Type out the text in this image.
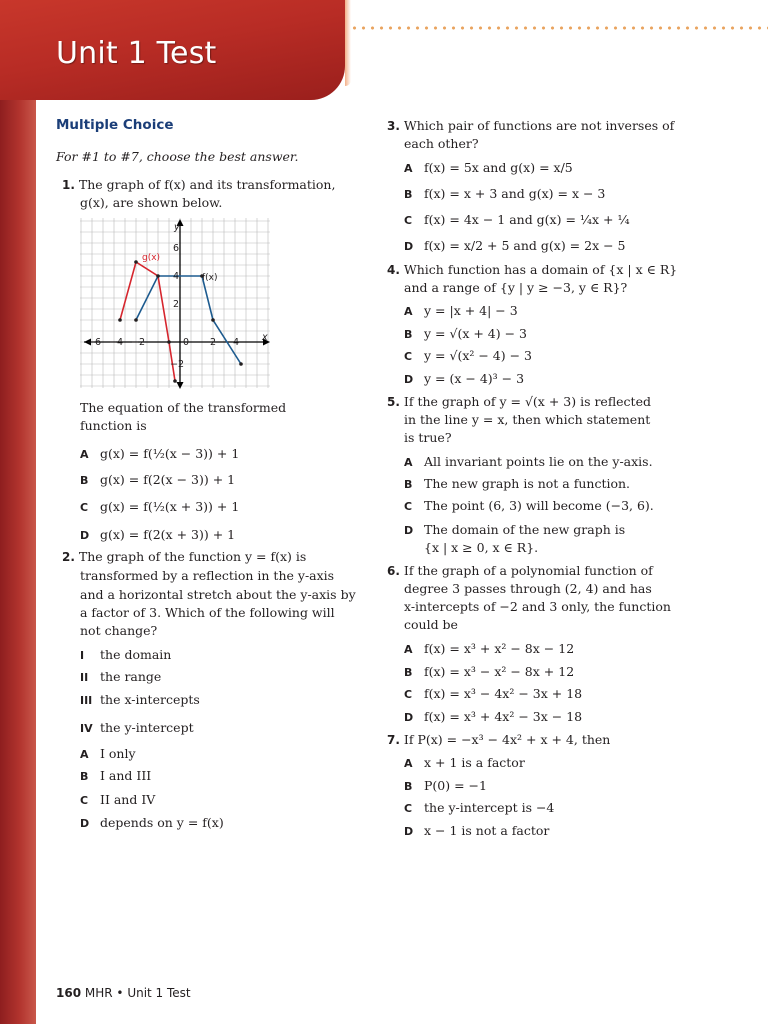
Unit 1 Test
Multiple Choice
For #1 to #7, choose the best answer.
1. The graph of f(x) and its transformation,
g(x), are shown below.
−6 −4 −2	0 2 4 x
6
4
2
−2
y
f(x)
g(x)
The equation of the transformed
function is
A g(x) = f(½(x − 3)) + 1
B g(x) = f(2(x − 3)) + 1
C g(x) = f(½(x + 3)) + 1
D g(x) = f(2(x + 3)) + 1
2. The graph of the function y = f(x) is
transformed by a reflection in the y-axis
and a horizontal stretch about the y-axis by
a factor of 3. Which of the following will
not change?
I the domain
II the range
III the x-intercepts
IV the y-intercept
A I only
B I and III
C II and IV
D depends on y = f(x)
3. Which pair of functions are not inverses of
each other?
A f(x) = 5x and g(x) = x/5
B f(x) = x + 3 and g(x) = x − 3
C f(x) = 4x − 1 and g(x) = ¼x + ¼
D f(x) = x/2 + 5 and g(x) = 2x − 5
4. Which function has a domain of {x | x ∈ R}
and a range of {y | y ≥ −3, y ∈ R}?
A y = |x + 4| − 3
B y = √(x + 4) − 3
C y = √(x² − 4) − 3
D y = (x − 4)³ − 3
5. If the graph of y = √(x + 3) is reflected
in the line y = x, then which statement
is true?
A All invariant points lie on the y-axis.
B The new graph is not a function.
C The point (6, 3) will become (−3, 6).
D The domain of the new graph is
{x | x ≥ 0, x ∈ R}.
6. If the graph of a polynomial function of
degree 3 passes through (2, 4) and has
x-intercepts of −2 and 3 only, the function
could be
A f(x) = x³ + x² − 8x − 12
B f(x) = x³ − x² − 8x + 12
C f(x) = x³ − 4x² − 3x + 18
D f(x) = x³ + 4x² − 3x − 18
7. If P(x) = −x³ − 4x² + x + 4, then
A x + 1 is a factor
B P(0) = −1
C the y-intercept is −4
D x − 1 is not a factor
160 MHR • Unit 1 Test
